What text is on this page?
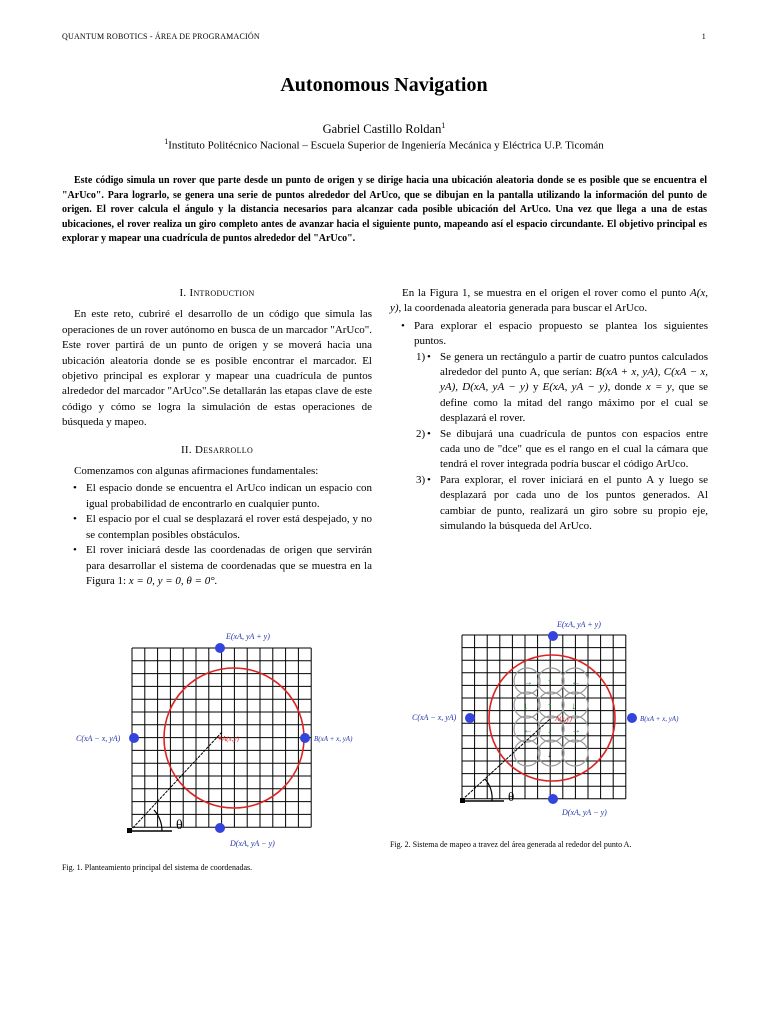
QUANTUM ROBOTICS - ÁREA DE PROGRAMACIÓN	1
Autonomous Navigation
Gabriel Castillo Roldan$^1$
$^1$Instituto Politécnico Nacional – Escuela Superior de Ingeniería Mecánica y Eléctrica U.P. Ticomán
Este código simula un rover que parte desde un punto de origen y se dirige hacia una ubicación aleatoria donde se es posible que se encuentra el "ArUco". Para lograrlo, se genera una serie de puntos alrededor del ArUco, que se dibujan en la pantalla utilizando la información del punto de origen. El rover calcula el ángulo y la distancia necesarios para alcanzar cada posible ubicación del ArUco. Una vez que llega a una de estas ubicaciones, el rover realiza un giro completo antes de avanzar hacia el siguiente punto, mapeando así el espacio circundante. El objetivo principal es explorar y mapear una cuadrícula de puntos alrededor del "ArUco".
I. Introduction

En este reto, cubriré el desarrollo de un código que simula las operaciones de un rover autónomo en busca de un marcador "ArUco". Este rover partirá de un punto de origen y se moverá hacia una ubicación aleatoria donde se es posible encontrar el marcador. El objetivo principal es explorar y mapear una cuadrícula de puntos alrededor del marcador "ArUco".Se detallarán las etapas clave de este código y cómo se logra la simulación de estas operaciones de búsqueda y mapeo.

II. Desarrollo

Comenzamos con algunas afirmaciones fundamentales:

• El espacio donde se encuentra el ArUco indican un espacio con igual probabilidad de encontrarlo en cualquier punto.
• El espacio por el cual se desplazará el rover está despejado, y no se contemplan posibles obstáculos.
• El rover iniciará desde las coordenadas de origen que servirán para desarrollar el sistema de coordenadas que se muestra en la Figura 1: x = 0, y = 0, θ = 0°.

En la Figura 1, se muestra en el origen el rover como el punto A(x, y), la coordenada aleatoria generada para buscar el ArUco.

• Para explorar el espacio propuesto se plantea los siguientes puntos.
• 1) Se genera un rectángulo a partir de cuatro puntos calculados alrededor del punto A, que serían: B(xA + x, yA), C(xA − x, yA), D(xA, yA − y) y E(xA, yA − y), donde x = y, que se define como la mitad del rango máximo por el cual se desplazará el rover.
• 2) Se dibujará una cuadrícula de puntos con espacios entre cada uno de "dce" que es el rango en el cual la cámara que tendrá el rover integrada podría buscar el código ArUco.
• 3) Para explorar, el rover iniciará en el punto A y luego se desplazará por cada uno de los puntos generados. Al cambiar de punto, realizará un giro sobre su propio eje, simulando la búsqueda del ArUco.
θ
E(xA, yA + y)
C(xA − x, yA)	B(xA + x, yA)
D(xA, yA − y)
A(x,y)
Fig. 1. Planteamiento principal del sistema de coordenadas.
θ
→ ↑ ←
↓ ↑ ↓
← ↓ →
↓
E(xA, yA + y)
C(xA − x, yA)	B(xA + x, yA)
D(xA, yA − y)
A(x,y)
Fig. 2. Sistema de mapeo a travez del área generada al rededor del punto A.
